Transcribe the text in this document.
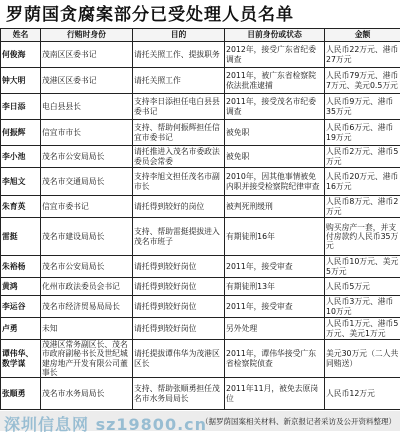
罗荫国贪腐案部分已受处理人员名单
姓名	行贿时身份	目的	目前身份或状态	金额
何俊海	茂南区区委书记	请托关照工作、提拔职务	2012年，接受广东省纪委调查	人民币22万元、港币27万元
钟大明	茂港区区委书记	请托关照工作	2011年，被广东省检察院依法批准逮捕	人民币79万元、港币7万元、美元0.5万元
李日添	电白县县长	支持李日添担任电白县县委书记	2011年，接受茂名市纪委调查	人民币9万元、港币35万元
何振辉	信宜市市长	支持、帮助何振辉担任信宜市委书记	被免职	人民币6万元、港币19万元
李小池	茂名市公安局局长	请托推进入茂名市委政法委员会常委	被免职	人民币2万元、港币5万元
李旭文	茂名市交通局局长	支持李旭文担任茂名市副市长	2010年，因其他事情被免内职并接受检察院纪律审查	人民币20万元、港币16万元
朱育英	信宜市委书记	请托得到较好的岗位	被判死刑缓刑	人民币8万元、港币2万元
雷挺	茂名市建设局局长	支持、帮助雷挺提拔进入茂名市班子	有期徒刑16年	购买房产一套，并支付房款约人民币35万元
朱裕杨	茂名市公安局局长	请托得到较好岗位	2011年，接受审查	人民币10万元、美元5万元
黄鸿	化州市政法委员会书记	请托得到较好岗位	有期徒刑13年	人民币5万元
李运谷	茂名市经济贸易局局长	请托得到较好岗位	2011年，接受审查	人民币3万元、港币10万元
卢勇	未知	请托得到较好岗位	另外处理	人民币1万元、港币5万元、美元1万元
谭伟华、数学谋	茂港区常务副区长、茂名市政府副秘书长及世纪城建房地产开发有限公司董事长	请托提拔谭伟华为茂港区区长	2011年，谭伟华接受广东省检察院侦查	美元30万元（二人共同贿送）
张順勇	茂名市水务局局长	支持、帮助张順勇担任茂名市水务局局长	2011年11月，被免去原岗位	人民币12万元
深圳信息网 sz19800.cn
（据罗荫国案相关材料、新京报记者采访及公开资料整理）
